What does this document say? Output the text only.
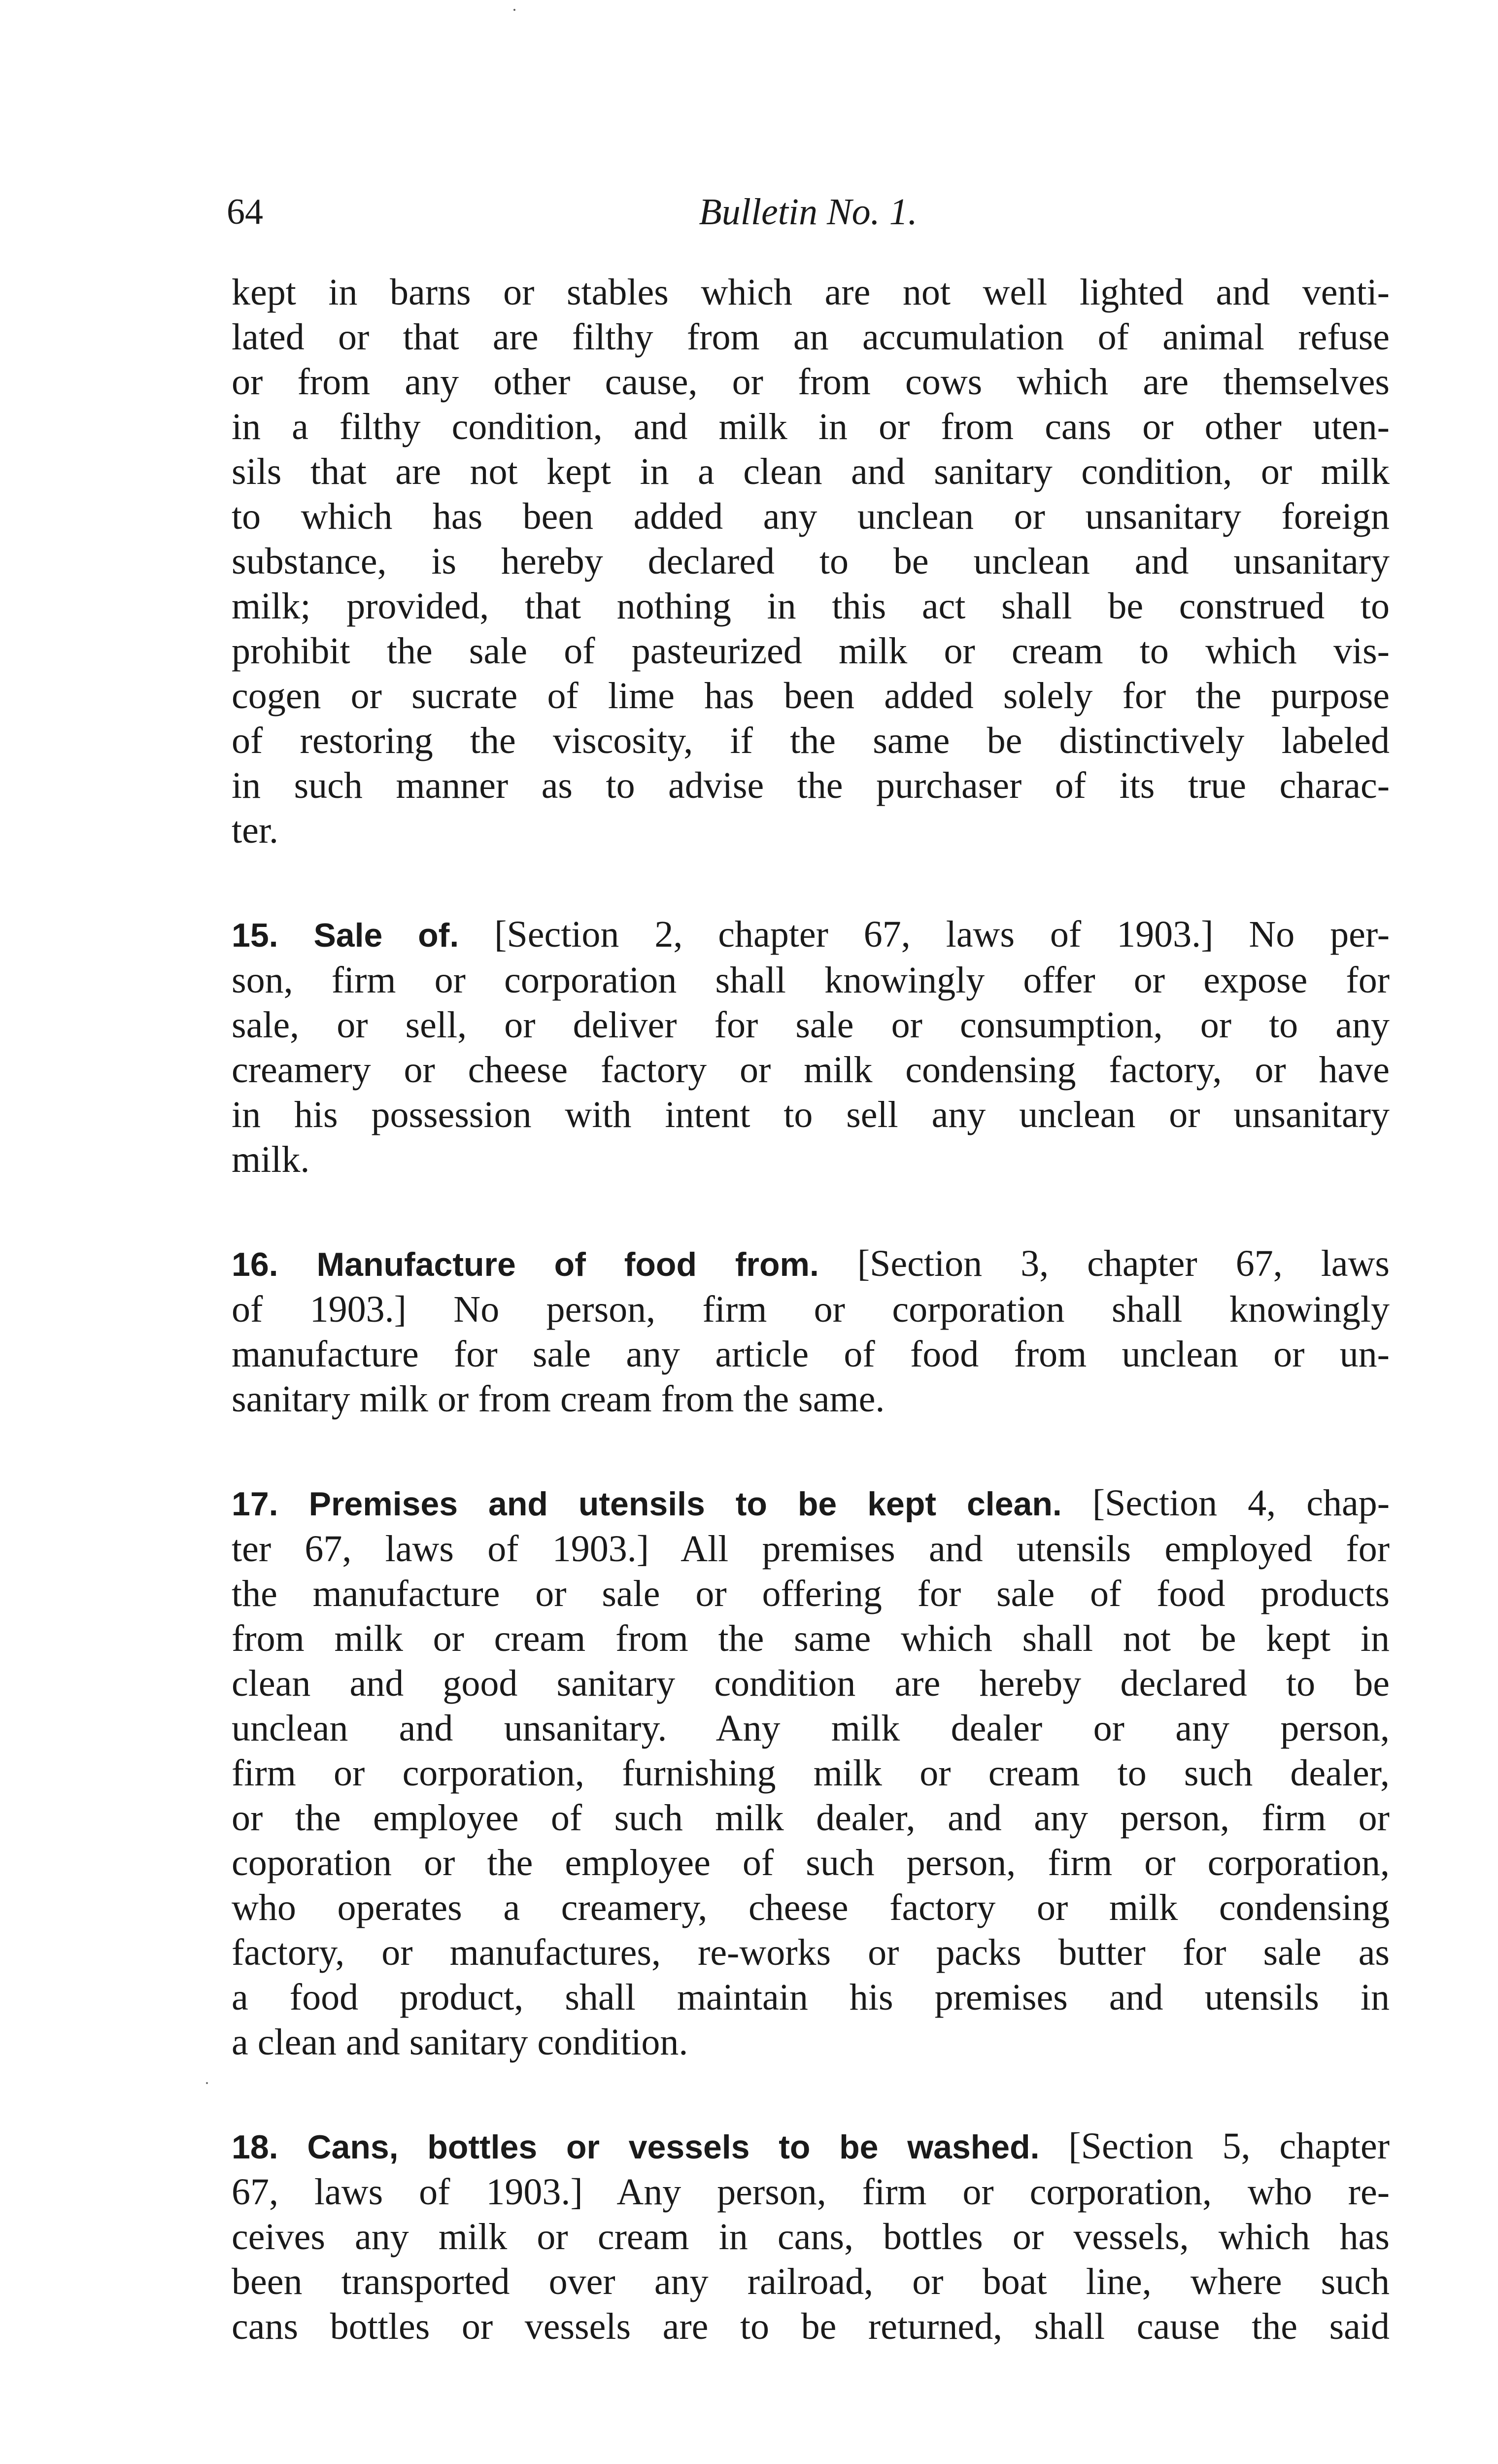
64	Bulletin No. 1.

kept in barns or stables which are not well lighted and venti-
lated or that are filthy from an accumulation of animal refuse
or from any other cause, or from cows which are themselves
in a filthy condition, and milk in or from cans or other uten-
sils that are not kept in a clean and sanitary condition, or milk
to which has been added any unclean or unsanitary foreign
substance, is hereby declared to be unclean and unsanitary
milk; provided, that nothing in this act shall be construed to
prohibit the sale of pasteurized milk or cream to which vis-
cogen or sucrate of lime has been added solely for the purpose
of restoring the viscosity, if the same be distinctively labeled
in such manner as to advise the purchaser of its true charac-
ter.

15. Sale of. [Section 2, chapter 67, laws of 1903.] No per-
son, firm or corporation shall knowingly offer or expose for
sale, or sell, or deliver for sale or consumption, or to any
creamery or cheese factory or milk condensing factory, or have
in his possession with intent to sell any unclean or unsanitary
milk.

16. Manufacture of food from. [Section 3, chapter 67, laws
of 1903.] No person, firm or corporation shall knowingly
manufacture for sale any article of food from unclean or un-
sanitary milk or from cream from the same.

17. Premises and utensils to be kept clean. [Section 4, chap-
ter 67, laws of 1903.] All premises and utensils employed for
the manufacture or sale or offering for sale of food products
from milk or cream from the same which shall not be kept in
clean and good sanitary condition are hereby declared to be
unclean and unsanitary. Any milk dealer or any person,
firm or corporation, furnishing milk or cream to such dealer,
or the employee of such milk dealer, and any person, firm or
coporation or the employee of such person, firm or corporation,
who operates a creamery, cheese factory or milk condensing
factory, or manufactures, re-works or packs butter for sale as
a food product, shall maintain his premises and utensils in
a clean and sanitary condition.

18. Cans, bottles or vessels to be washed. [Section 5, chapter
67, laws of 1903.] Any person, firm or corporation, who re-
ceives any milk or cream in cans, bottles or vessels, which has
been transported over any railroad, or boat line, where such
cans bottles or vessels are to be returned, shall cause the said
